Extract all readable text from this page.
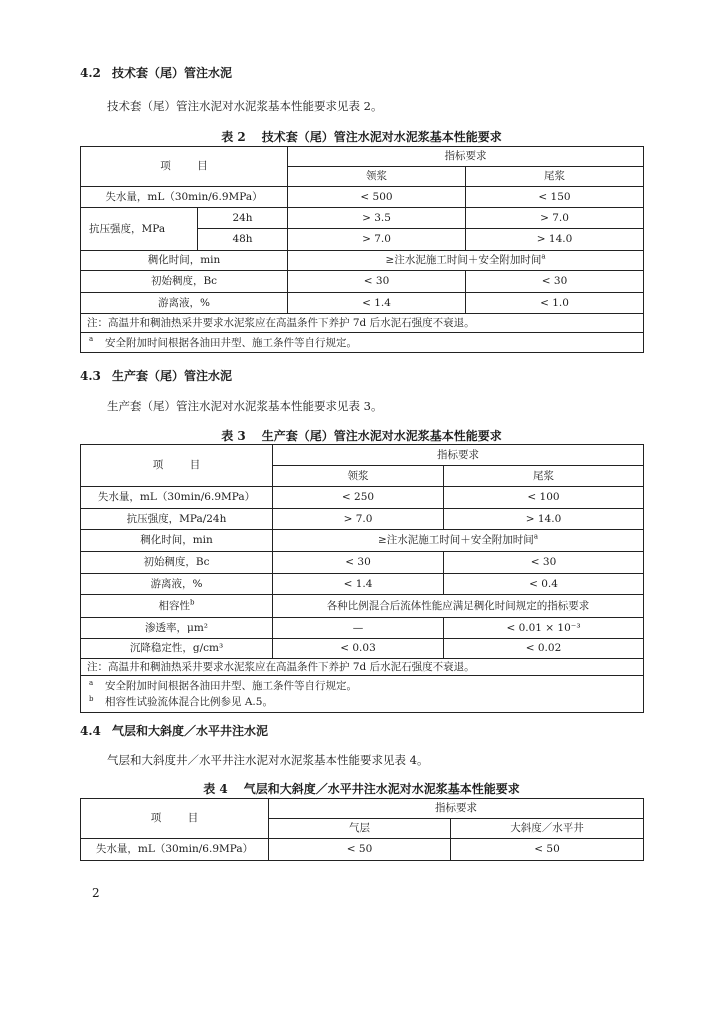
4.2 技术套（尾）管注水泥
技术套（尾）管注水泥对水泥浆基本性能要求见表 2。
表 2 技术套（尾）管注水泥对水泥浆基本性能要求
项 目		指标要求	
		领浆	尾浆
失水量，mL（30min/6.9MPa）		< 500	< 150
抗压强度，MPa	24h	> 3.5	> 7.0
	48h	> 7.0	> 14.0
稠化时间，min		≥注水泥施工时间＋安全附加时间$^a$
初始稠度，Bc		< 30	< 30
游离液，%		< 1.4	< 1.0
注：高温井和稠油热采井要求水泥浆应在高温条件下养护 7d 后水泥石强度不衰退。			

a 安全附加时间根据各油田井型、施工条件等自行规定。			
4.3 生产套（尾）管注水泥
生产套（尾）管注水泥对水泥浆基本性能要求见表 3。
表 3 生产套（尾）管注水泥对水泥浆基本性能要求
项 目	指标要求	
	领浆	尾浆
失水量，mL（30min/6.9MPa）	< 250	< 100
抗压强度，MPa/24h	> 7.0	> 14.0
稠化时间，min	≥注水泥施工时间＋安全附加时间$^a$
初始稠度，Bc	< 30	< 30
游离液，%	< 1.4	< 0.4
相容性$^b$	各种比例混合后流体性能应满足稠化时间规定的指标要求	
渗透率，μm²	—	< 0.01 × 10⁻³
沉降稳定性，g/cm³	< 0.03	< 0.02
注：高温井和稠油热采井要求水泥浆应在高温条件下养护 7d 后水泥石强度不衰退。		

a 安全附加时间根据各油田井型、施工条件等自行规定。
b 相容性试验流体混合比例参见 A.5。		
4.4 气层和大斜度／水平井注水泥
气层和大斜度井／水平井注水泥对水泥浆基本性能要求见表 4。
表 4 气层和大斜度／水平井注水泥对水泥浆基本性能要求
项 目	指标要求	
	气层	大斜度／水平井
失水量，mL（30min/6.9MPa）	< 50	< 50
2
